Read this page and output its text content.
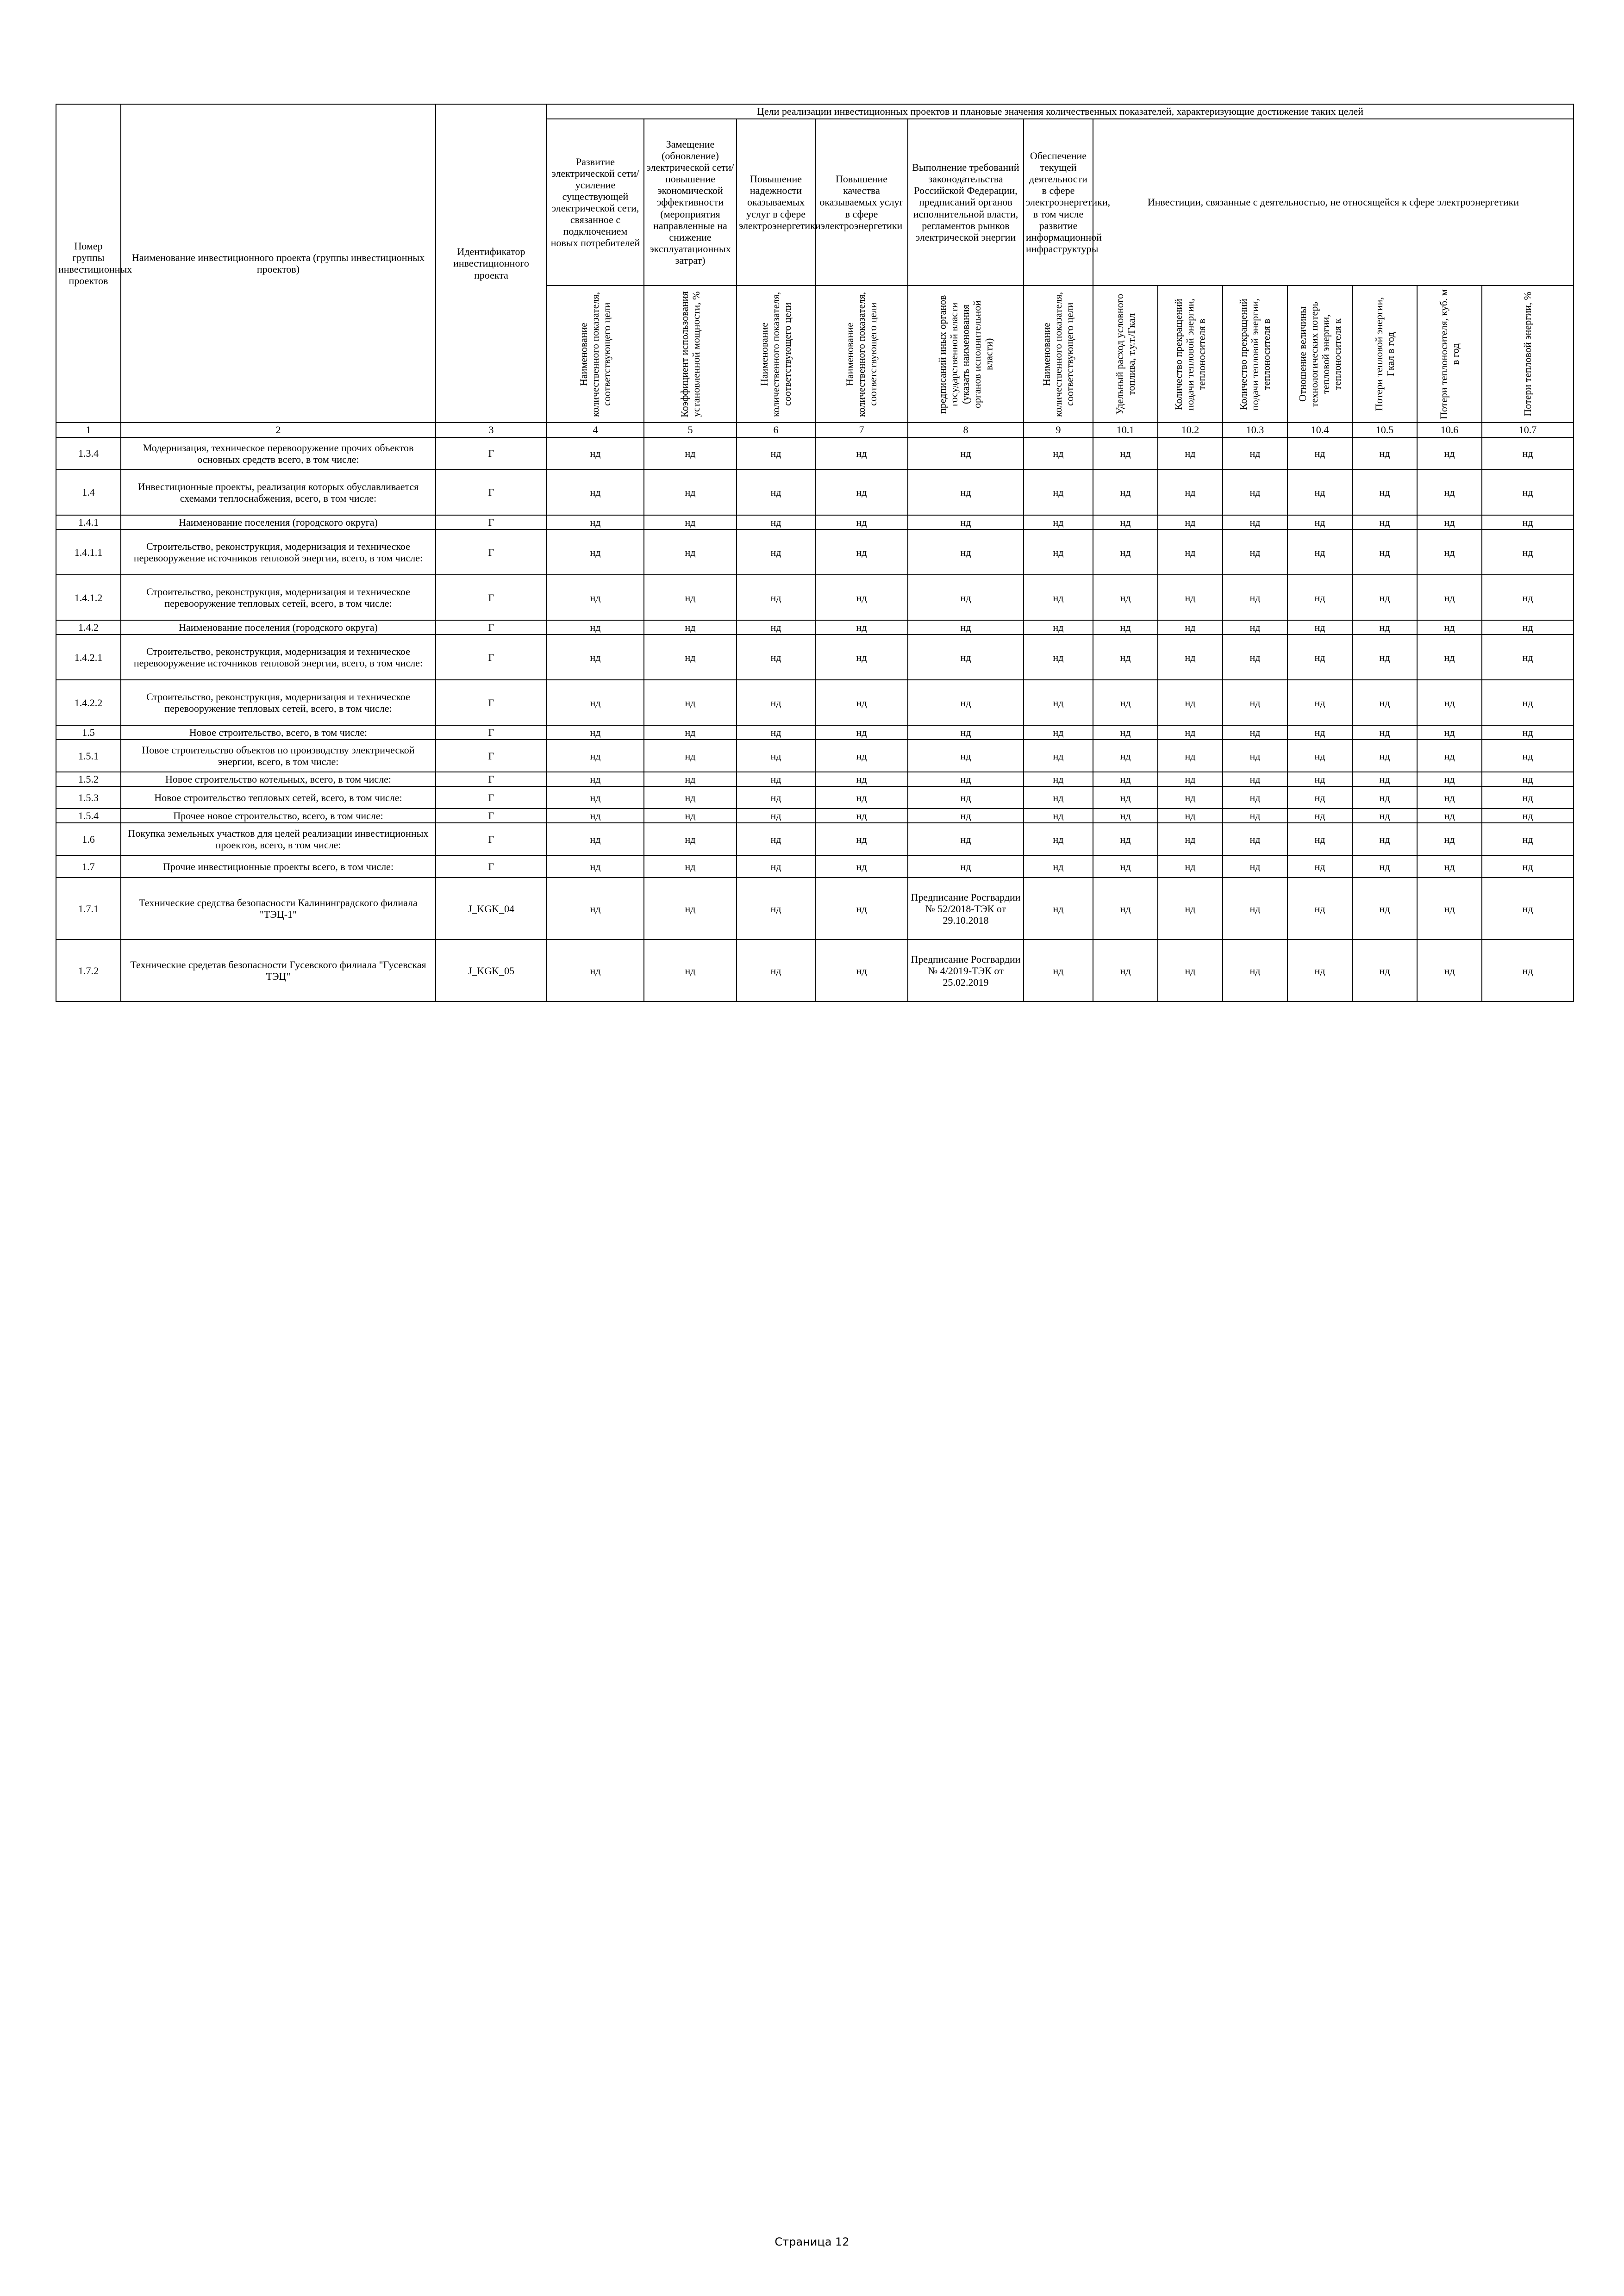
Номер группы инвестиционных проектов	Наименование инвестиционного проекта (группы инвестиционных проектов)	Идентификатор инвестиционного проекта	Цели реализации инвестиционных проектов и плановые значения количественных показателей, характеризующие достижение таких целей												

			Развитие электрической сети/усиление существующей электрической сети, связанное с подключением новых потребителей	Замещение (обновление) электрической сети/повышение экономической эффективности (мероприятия направленные на снижение эксплуатационных затрат)	Повышение надежности оказываемых услуг в сфере электроэнергетики	Повышение качества оказываемых услуг в сфере электроэнергетики	Выполнение требований законодательства Российской Федерации, предписаний органов исполнительной власти, регламентов рынков электрической энергии	Обеспечение текущей деятельности в сфере электроэнергетики, в том числе развитие информационной инфраструктуры	Инвестиции, связанные с деятельностью, не относящейся к сфере электроэнергетики						

			Наименование количественного показателя, соответствующего цели	Коэффициент использования установленной мощности, %	Наименование количественного показателя, соответствующего цели	Наименование количественного показателя, соответствующего цели	предписаний иных органов государственной власти (указать наименования органов исполнительной власти)	Наименование количественного показателя, соответствующего цели	Удельный расход условного топлива, т.у.т./Гкал	Количество прекращений подачи тепловой энергии, теплоносителя в	Количество прекращений подачи тепловой энергии, теплоносителя в	Отношение величины технологических потерь тепловой энергии, теплоносителя к	Потери тепловой энергии, Гкал в год	Потери теплоносителя, куб. м в год	Потери тепловой энергии, %

1	2	3	4	5	6	7	8	9	10.1	10.2	10.3	10.4	10.5	10.6	10.7
1.3.4	Модернизация, техническое перевооружение прочих объектов основных средств всего, в том числе:	Г	нд	нд	нд	нд	нд	нд	нд	нд	нд	нд	нд	нд	нд
1.4	Инвестиционные проекты, реализация которых обуславливается схемами теплоснабжения, всего, в том числе:	Г	нд	нд	нд	нд	нд	нд	нд	нд	нд	нд	нд	нд	нд
1.4.1	Наименование поселения (городского округа)	Г	нд	нд	нд	нд	нд	нд	нд	нд	нд	нд	нд	нд	нд
1.4.1.1	Строительство, реконструкция, модернизация и техническое перевооружение источников тепловой энергии, всего, в том числе:	Г	нд	нд	нд	нд	нд	нд	нд	нд	нд	нд	нд	нд	нд
1.4.1.2	Строительство, реконструкция, модернизация и техническое перевооружение тепловых сетей, всего, в том числе:	Г	нд	нд	нд	нд	нд	нд	нд	нд	нд	нд	нд	нд	нд
1.4.2	Наименование поселения (городского округа)	Г	нд	нд	нд	нд	нд	нд	нд	нд	нд	нд	нд	нд	нд
1.4.2.1	Строительство, реконструкция, модернизация и техническое перевооружение источников тепловой энергии, всего, в том числе:	Г	нд	нд	нд	нд	нд	нд	нд	нд	нд	нд	нд	нд	нд
1.4.2.2	Строительство, реконструкция, модернизация и техническое перевооружение тепловых сетей, всего, в том числе:	Г	нд	нд	нд	нд	нд	нд	нд	нд	нд	нд	нд	нд	нд
1.5	Новое строительство, всего, в том числе:	Г	нд	нд	нд	нд	нд	нд	нд	нд	нд	нд	нд	нд	нд
1.5.1	Новое строительство объектов по производству электрической энергии, всего, в том числе:	Г	нд	нд	нд	нд	нд	нд	нд	нд	нд	нд	нд	нд	нд
1.5.2	Новое строительство котельных, всего, в том числе:	Г	нд	нд	нд	нд	нд	нд	нд	нд	нд	нд	нд	нд	нд
1.5.3	Новое строительство тепловых сетей, всего, в том числе:	Г	нд	нд	нд	нд	нд	нд	нд	нд	нд	нд	нд	нд	нд
1.5.4	Прочее новое строительство, всего, в том числе:	Г	нд	нд	нд	нд	нд	нд	нд	нд	нд	нд	нд	нд	нд
1.6	Покупка земельных участков для целей реализации инвестиционных проектов, всего, в том числе:	Г	нд	нд	нд	нд	нд	нд	нд	нд	нд	нд	нд	нд	нд
1.7	Прочие инвестиционные проекты всего, в том числе:	Г	нд	нд	нд	нд	нд	нд	нд	нд	нд	нд	нд	нд	нд
1.7.1	Технические средства безопасности Калининградского филиала "ТЭЦ-1"	J_KGK_04	нд	нд	нд	нд	Предписание Росгвардии № 52/2018-ТЭК от 29.10.2018	нд	нд	нд	нд	нд	нд	нд	нд
1.7.2	Технические средетав безопасности Гусевского филиала "Гусевская ТЭЦ"	J_KGK_05	нд	нд	нд	нд	Предписание Росгвардии № 4/2019-ТЭК от 25.02.2019	нд	нд	нд	нд	нд	нд	нд	нд
Страница 12
